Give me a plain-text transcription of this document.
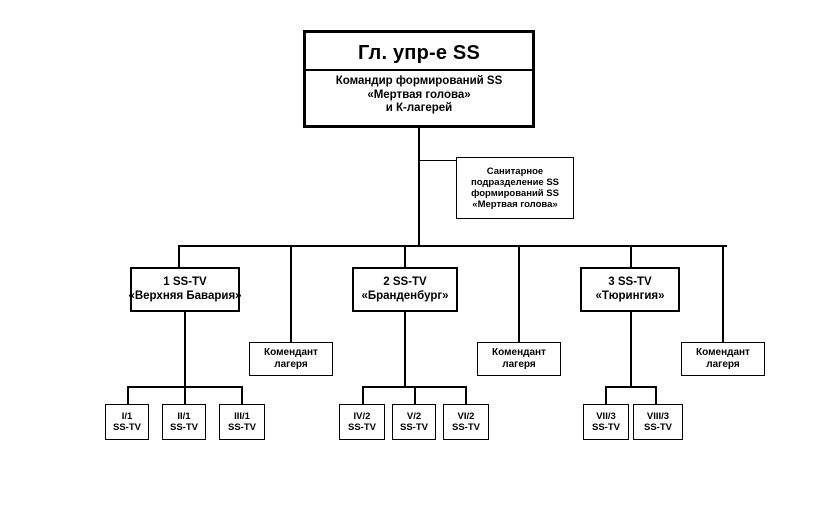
Гл. упр-е SS
Командир формирований SS
«Мертвая голова»
и К-лагерей
Санитарное
подразделение SS
формирований SS
«Мертвая голова»
1 SS-TV
«Верхняя Бавария»
Комендант
лагеря
I/1
SS-TV
II/1
SS-TV
III/1
SS-TV
2 SS-TV
«Бранденбург»
Комендант
лагеря
IV/2
SS-TV
V/2
SS-TV
VI/2
SS-TV
3 SS-TV
«Тюрингия»
Комендант
лагеря
VII/3
SS-TV
VIII/3
SS-TV
